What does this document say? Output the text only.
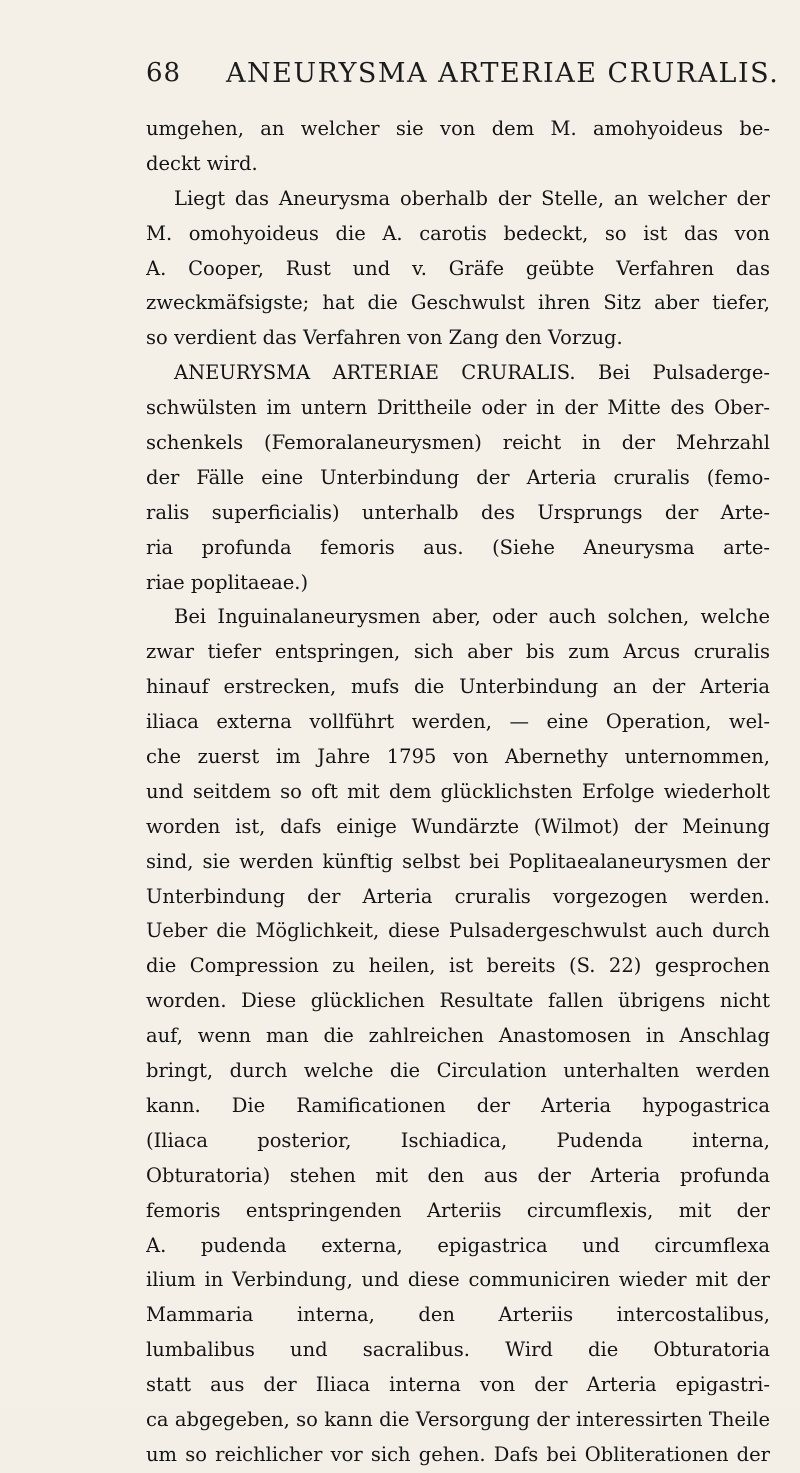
68 ANEURYSMA ARTERIAE CRURALIS.
umgehen, an welcher sie von dem M. amohyoideus be-
deckt wird.
Liegt das Aneurysma oberhalb der Stelle, an welcher der
M. omohyoideus die A. carotis bedeckt, so ist das von
A. Cooper, Rust und v. Gräfe geübte Verfahren das
zweckmäfsigste; hat die Geschwulst ihren Sitz aber tiefer,
so verdient das Verfahren von Zang den Vorzug.
ANEURYSMA ARTERIAE CRURALIS. Bei Pulsaderge-
schwülsten im untern Drittheile oder in der Mitte des Ober-
schenkels (Femoralaneurysmen) reicht in der Mehrzahl
der Fälle eine Unterbindung der Arteria cruralis (femo-
ralis superficialis) unterhalb des Ursprungs der Arte-
ria profunda femoris aus. (Siehe Aneurysma arte-
riae poplitaeae.)
Bei Inguinalaneurysmen aber, oder auch solchen, welche
zwar tiefer entspringen, sich aber bis zum Arcus cruralis
hinauf erstrecken, mufs die Unterbindung an der Arteria
iliaca externa vollführt werden, — eine Operation, wel-
che zuerst im Jahre 1795 von Abernethy unternommen,
und seitdem so oft mit dem glücklichsten Erfolge wiederholt
worden ist, dafs einige Wundärzte (Wilmot) der Meinung
sind, sie werden künftig selbst bei Poplitaealaneurysmen der
Unterbindung der Arteria cruralis vorgezogen werden.
Ueber die Möglichkeit, diese Pulsadergeschwulst auch durch
die Compression zu heilen, ist bereits (S. 22) gesprochen
worden. Diese glücklichen Resultate fallen übrigens nicht
auf, wenn man die zahlreichen Anastomosen in Anschlag
bringt, durch welche die Circulation unterhalten werden
kann. Die Ramificationen der Arteria hypogastrica
(Iliaca posterior, Ischiadica, Pudenda interna,
Obturatoria) stehen mit den aus der Arteria profunda
femoris entspringenden Arteriis circumflexis, mit der
A. pudenda externa, epigastrica und circumflexa
ilium in Verbindung, und diese communiciren wieder mit der
Mammaria interna, den Arteriis intercostalibus,
lumbalibus und sacralibus. Wird die Obturatoria
statt aus der Iliaca interna von der Arteria epigastri-
ca abgegeben, so kann die Versorgung der interessirten Theile
um so reichlicher vor sich gehen. Dafs bei Obliterationen der
